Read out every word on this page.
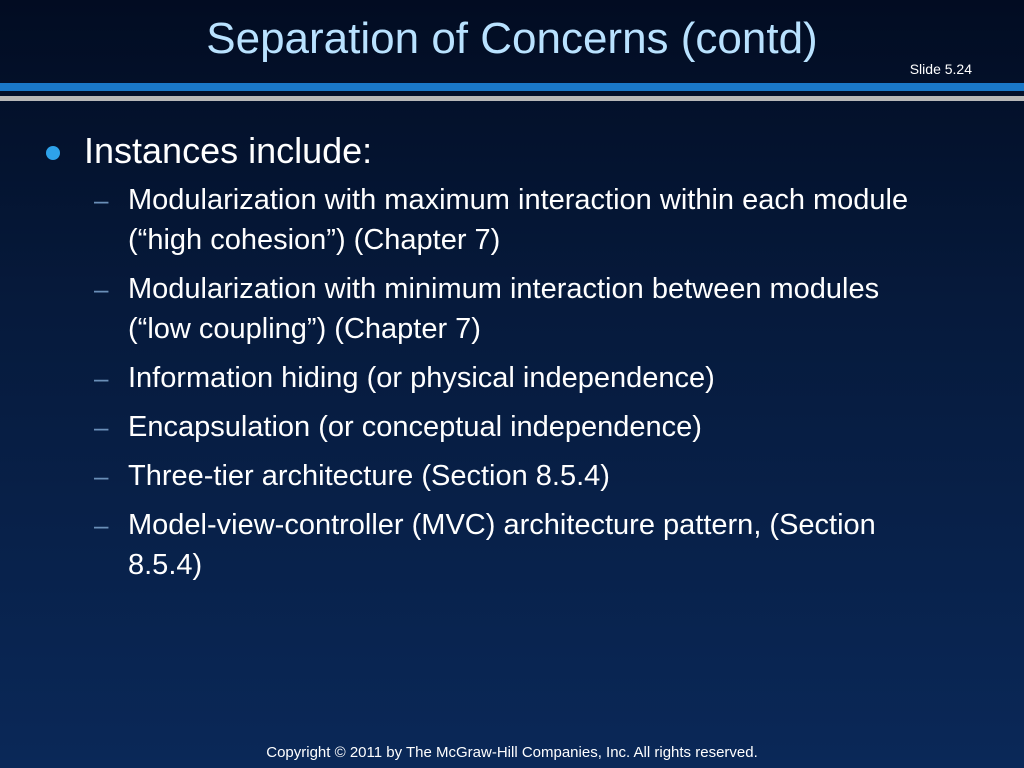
Separation of Concerns (contd)
Slide 5.24
Instances include:
– Modularization with maximum interaction within each module (“high cohesion”) (Chapter 7)
– Modularization with minimum interaction between modules (“low coupling”) (Chapter 7)
– Information hiding (or physical independence)
– Encapsulation (or conceptual independence)
– Three-tier architecture (Section 8.5.4)
– Model-view-controller (MVC) architecture pattern, (Section 8.5.4)
Copyright © 2011 by The McGraw-Hill Companies, Inc. All rights reserved.
